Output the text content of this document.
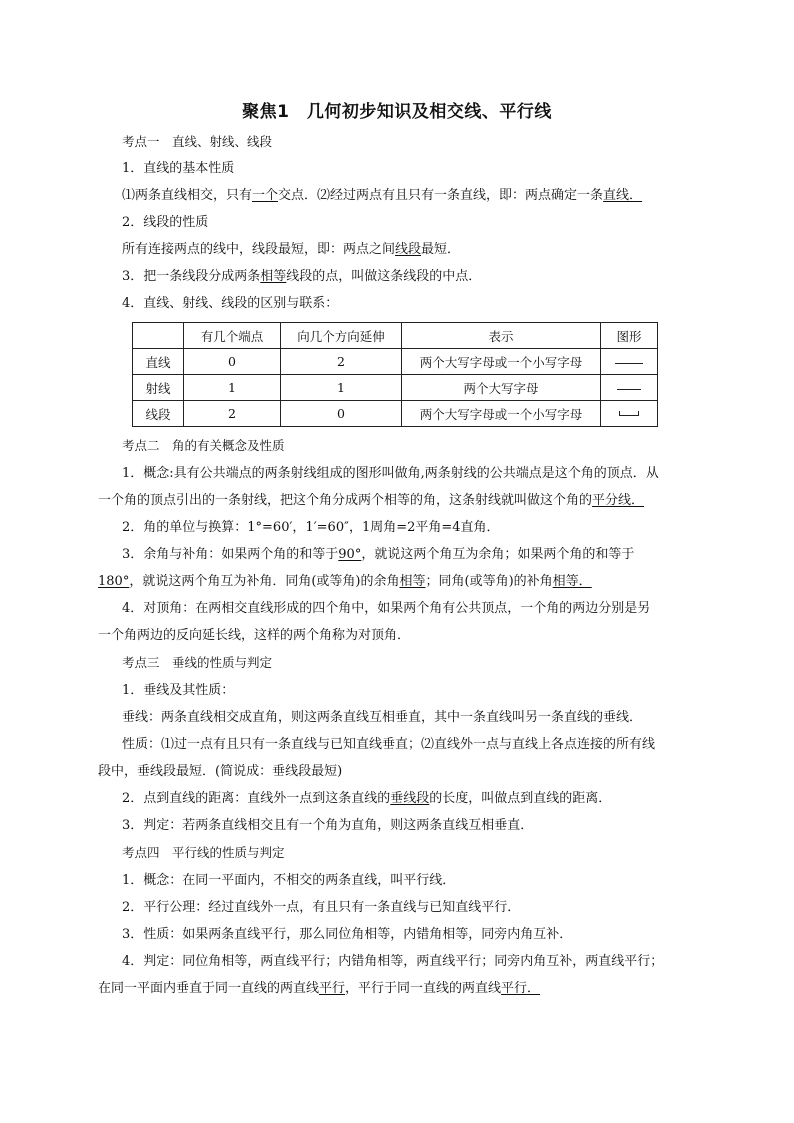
聚焦1　几何初步知识及相交线、平行线
考点一　直线、射线、线段
1．直线的基本性质
⑴两条直线相交，只有一个交点．⑵经过两点有且只有一条直线，即：两点确定一条直线．
2．线段的性质
所有连接两点的线中，线段最短，即：两点之间线段最短．
3．把一条线段分成两条相等线段的点，叫做这条线段的中点．
4．直线、射线、线段的区别与联系：
	有几个端点	向几个方向延伸	表示	图形
直线	0	2	两个大写字母或一个小写字母	

射线	1	1	两个大写字母	

线段	2	0	两个大写字母或一个小写字母	
考点二　角的有关概念及性质
1．概念:具有公共端点的两条射线组成的图形叫做角,两条射线的公共端点是这个角的顶点．从
一个角的顶点引出的一条射线，把这个角分成两个相等的角，这条射线就叫做这个角的平分线．
2．角的单位与换算：1°=60′，1′=60″，1周角=2平角=4直角．
3．余角与补角：如果两个角的和等于90°，就说这两个角互为余角；如果两个角的和等于
180°，就说这两个角互为补角．同角(或等角)的余角相等；同角(或等角)的补角相等．
4．对顶角：在两相交直线形成的四个角中，如果两个角有公共顶点，一个角的两边分别是另
一个角两边的反向延长线，这样的两个角称为对顶角．
考点三　垂线的性质与判定
1．垂线及其性质：
垂线：两条直线相交成直角，则这两条直线互相垂直，其中一条直线叫另一条直线的垂线．
性质：⑴过一点有且只有一条直线与已知直线垂直；⑵直线外一点与直线上各点连接的所有线
段中，垂线段最短．(简说成：垂线段最短)
2．点到直线的距离：直线外一点到这条直线的垂线段的长度，叫做点到直线的距离．
3．判定：若两条直线相交且有一个角为直角，则这两条直线互相垂直．
考点四　平行线的性质与判定
1．概念：在同一平面内，不相交的两条直线，叫平行线．
2．平行公理：经过直线外一点，有且只有一条直线与已知直线平行．
3．性质：如果两条直线平行，那么同位角相等，内错角相等，同旁内角互补．
4．判定：同位角相等，两直线平行；内错角相等，两直线平行；同旁内角互补，两直线平行；
在同一平面内垂直于同一直线的两直线平行，平行于同一直线的两直线平行．
